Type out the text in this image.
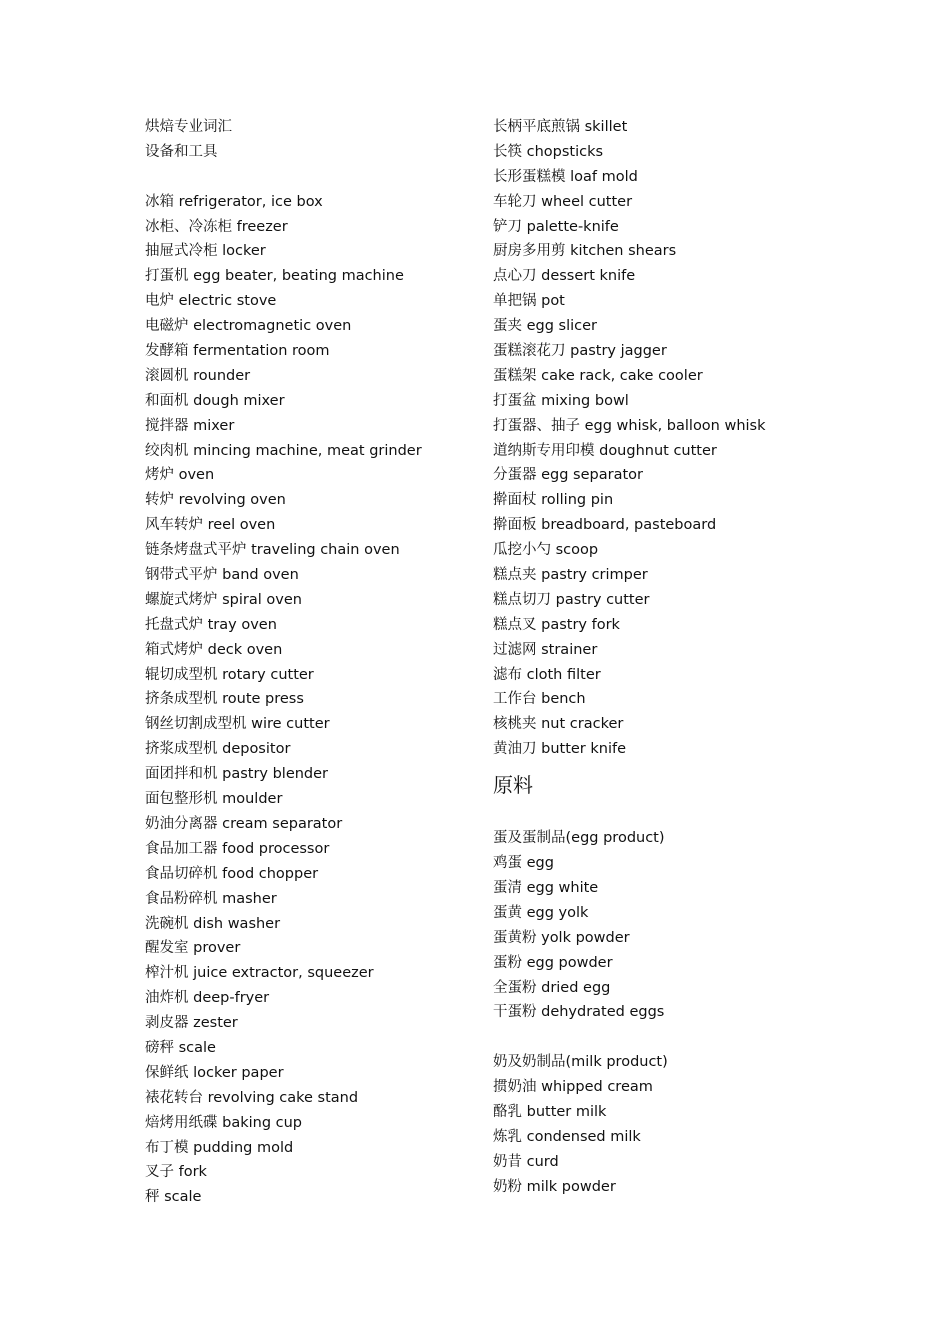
烘焙专业词汇
设备和工具
冰箱 refrigerator, ice box
冰柜、冷冻柜 freezer
抽屉式冷柜 locker
打蛋机 egg beater, beating machine
电炉 electric stove
电磁炉 electromagnetic oven
发酵箱 fermentation room
滚圆机 rounder
和面机 dough mixer
搅拌器 mixer
绞肉机 mincing machine, meat grinder
烤炉 oven
转炉 revolving oven
风车转炉 reel oven
链条烤盘式平炉 traveling chain oven
钢带式平炉 band oven
螺旋式烤炉 spiral oven
托盘式炉 tray oven
箱式烤炉 deck oven
辊切成型机 rotary cutter
挤条成型机 route press
钢丝切割成型机 wire cutter
挤浆成型机 depositor
面团拌和机 pastry blender
面包整形机 moulder
奶油分离器 cream separator
食品加工器 food processor
食品切碎机 food chopper
食品粉碎机 masher
洗碗机 dish washer
醒发室 prover
榨汁机 juice extractor, squeezer
油炸机 deep-fryer
剥皮器 zester
磅秤 scale
保鲜纸 locker paper
裱花转台 revolving cake stand
焙烤用纸碟 baking cup
布丁模 pudding mold
叉子 fork
秤 scale
长柄平底煎锅 skillet
长筷 chopsticks
长形蛋糕模 loaf mold
车轮刀 wheel cutter
铲刀 palette-knife
厨房多用剪 kitchen shears
点心刀 dessert knife
单把锅 pot
蛋夹 egg slicer
蛋糕滚花刀 pastry jagger
蛋糕架 cake rack, cake cooler
打蛋盆 mixing bowl
打蛋器、抽子 egg whisk, balloon whisk
道纳斯专用印模 doughnut cutter
分蛋器 egg separator
擀面杖 rolling pin
擀面板 breadboard, pasteboard
瓜挖小勺 scoop
糕点夹 pastry crimper
糕点切刀 pastry cutter
糕点叉 pastry fork
过滤网 strainer
滤布 cloth filter
工作台 bench
核桃夹 nut cracker
黄油刀 butter knife
原料
蛋及蛋制品(egg product)
鸡蛋 egg
蛋清 egg white
蛋黄 egg yolk
蛋黄粉 yolk powder
蛋粉 egg powder
全蛋粉 dried egg
干蛋粉 dehydrated eggs
奶及奶制品(milk product)
掼奶油 whipped cream
酪乳 butter milk
炼乳 condensed milk
奶昔 curd
奶粉 milk powder
